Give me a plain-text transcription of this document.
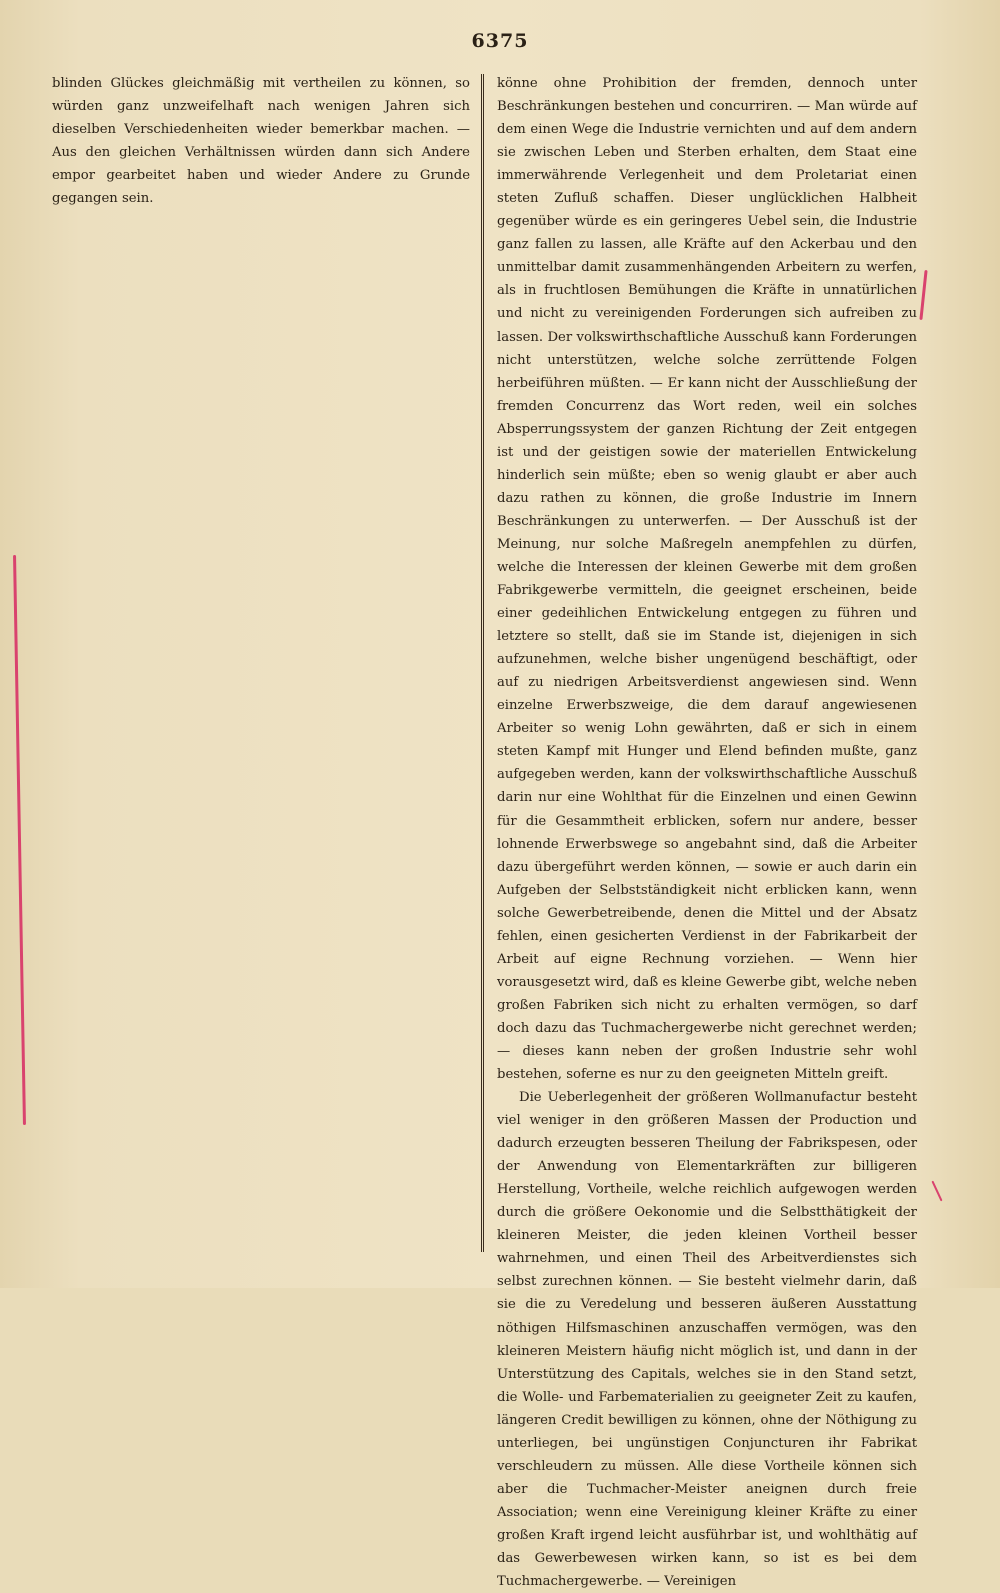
6375

blinden Glückes gleichmäßig mit vertheilen zu können, so würden ganz unzweifelhaft nach wenigen Jahren sich dieselben Verschiedenheiten wieder bemerkbar machen. — Aus den gleichen Verhältnissen würden dann sich Andere empor gearbeitet haben und wieder Andere zu Grunde gegangen sein.

könne ohne Prohibition der fremden, dennoch unter Beschränkungen bestehen und concurriren. — Man würde auf dem einen Wege die Industrie vernichten und auf dem andern sie zwischen Leben und Sterben erhalten, dem Staat eine immerwährende Verlegenheit und dem Proletariat einen steten Zufluß schaffen. Dieser unglücklichen Halbheit gegenüber würde es ein geringeres Uebel sein, die Industrie ganz fallen zu lassen, alle Kräfte auf den Ackerbau und den unmittelbar damit zusammenhängenden Arbeitern zu werfen, als in fruchtlosen Bemühungen die Kräfte in unnatürlichen und nicht zu vereinigenden Forderungen sich aufreiben zu lassen. Der volkswirthschaftliche Ausschuß kann Forderungen nicht unterstützen, welche solche zerrüttende Folgen herbeiführen müßten. — Er kann nicht der Ausschließung der fremden Concurrenz das Wort reden, weil ein solches Absperrungssystem der ganzen Richtung der Zeit entgegen ist und der geistigen sowie der materiellen Entwickelung hinderlich sein müßte; eben so wenig glaubt er aber auch dazu rathen zu können, die große Industrie im Innern Beschränkungen zu unterwerfen. — Der Ausschuß ist der Meinung, nur solche Maßregeln anempfehlen zu dürfen, welche die Interessen der kleinen Gewerbe mit dem großen Fabrikgewerbe vermitteln, die geeignet erscheinen, beide einer gedeihlichen Entwickelung entgegen zu führen und letztere so stellt, daß sie im Stande ist, diejenigen in sich aufzunehmen, welche bisher ungenügend beschäftigt, oder auf zu niedrigen Arbeitsverdienst angewiesen sind. Wenn einzelne Erwerbszweige, die dem darauf angewiesenen Arbeiter so wenig Lohn gewährten, daß er sich in einem steten Kampf mit Hunger und Elend befinden mußte, ganz aufgegeben werden, kann der volkswirthschaftliche Ausschuß darin nur eine Wohlthat für die Einzelnen und einen Gewinn für die Gesammtheit erblicken, sofern nur andere, besser lohnende Erwerbswege so angebahnt sind, daß die Arbeiter dazu übergeführt werden können, — sowie er auch darin ein Aufgeben der Selbstständigkeit nicht erblicken kann, wenn solche Gewerbetreibende, denen die Mittel und der Absatz fehlen, einen gesicherten Verdienst in der Fabrikarbeit der Arbeit auf eigne Rechnung vorziehen. — Wenn hier vorausgesetzt wird, daß es kleine Gewerbe gibt, welche neben großen Fabriken sich nicht zu erhalten vermögen, so darf doch dazu das Tuchmachergewerbe nicht gerechnet werden; — dieses kann neben der großen Industrie sehr wohl bestehen, soferne es nur zu den geeigneten Mitteln greift.

Die Ueberlegenheit der größeren Wollmanufactur besteht viel weniger in den größeren Massen der Production und dadurch erzeugten besseren Theilung der Fabrikspesen, oder der Anwendung von Elementarkräften zur billigeren Herstellung, Vortheile, welche reichlich aufgewogen werden durch die größere Oekonomie und die Selbstthätigkeit der kleineren Meister, die jeden kleinen Vortheil besser wahrnehmen, und einen Theil des Arbeitverdienstes sich selbst zurechnen können. — Sie besteht vielmehr darin, daß sie die zu Veredelung und besseren äußeren Ausstattung nöthigen Hilfsmaschinen anzuschaffen vermögen, was den kleineren Meistern häufig nicht möglich ist, und dann in der Unterstützung des Capitals, welches sie in den Stand setzt, die Wolle- und Farbematerialien zu geeigneter Zeit zu kaufen, längeren Credit bewilligen zu können, ohne der Nöthigung zu unterliegen, bei ungünstigen Conjuncturen ihr Fabrikat verschleudern zu müssen. Alle diese Vortheile können sich aber die Tuchmacher-Meister aneignen durch freie Association; wenn eine Vereinigung kleiner Kräfte zu einer großen Kraft irgend leicht ausführbar ist, und wohlthätig auf das Gewerbewesen wirken kann, so ist es bei dem Tuchmachergewerbe. — Vereinigen
